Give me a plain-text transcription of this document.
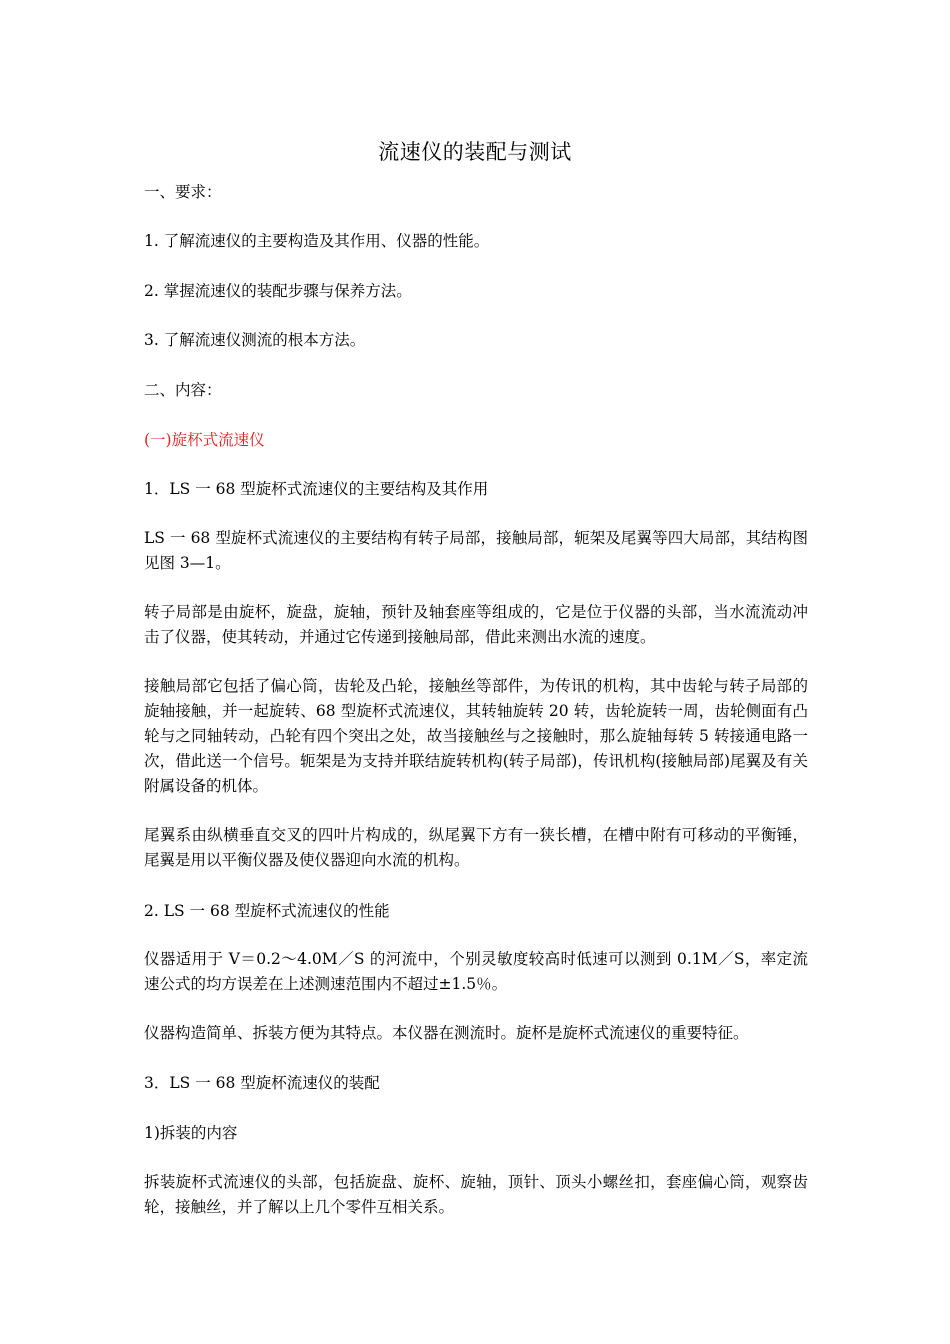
流速仪的装配与测试

一、要求：

1. 了解流速仪的主要构造及其作用、仪器的性能。

2. 掌握流速仪的装配步骤与保养方法。

3. 了解流速仪测流的根本方法。

二、内容：

(一)旋杯式流速仪

1．LS 一 68 型旋杯式流速仪的主要结构及其作用

LS 一 68 型旋杯式流速仪的主要结构有转子局部，接触局部，轭架及尾翼等四大局部，其结构图见图 3—1。

转子局部是由旋杯，旋盘，旋轴，预针及轴套座等组成的，它是位于仪器的头部，当水流流动冲击了仪器，使其转动，并通过它传递到接触局部，借此来测出水流的速度。

接触局部它包括了偏心筒，齿轮及凸轮，接触丝等部件，为传讯的机构，其中齿轮与转子局部的旋轴接触，并一起旋转、68 型旋杯式流速仪，其转轴旋转 20 转，齿轮旋转一周，齿轮侧面有凸轮与之同轴转动，凸轮有四个突出之处，故当接触丝与之接触时，那么旋轴每转 5 转接通电路一次，借此送一个信号。轭架是为支持并联结旋转机构(转子局部)，传讯机构(接触局部)尾翼及有关附属设备的机体。

尾翼系由纵横垂直交叉的四叶片构成的，纵尾翼下方有一狭长槽，在槽中附有可移动的平衡锤，尾翼是用以平衡仪器及使仪器迎向水流的机构。

2. LS 一 68 型旋杯式流速仪的性能

仪器适用于 V＝0.2～4.0M／S 的河流中，个别灵敏度较高时低速可以测到 0.1M／S，率定流速公式的均方误差在上述测速范围内不超过±1.5％。

仪器构造简单、拆装方便为其特点。本仪器在测流时。旋杯是旋杯式流速仪的重要特征。

3．LS 一 68 型旋杯流速仪的装配

1)拆装的内容

拆装旋杯式流速仪的头部，包括旋盘、旋杯、旋轴，顶针、顶头小螺丝扣，套座偏心筒，观察齿轮，接触丝，并了解以上几个零件互相关系。
